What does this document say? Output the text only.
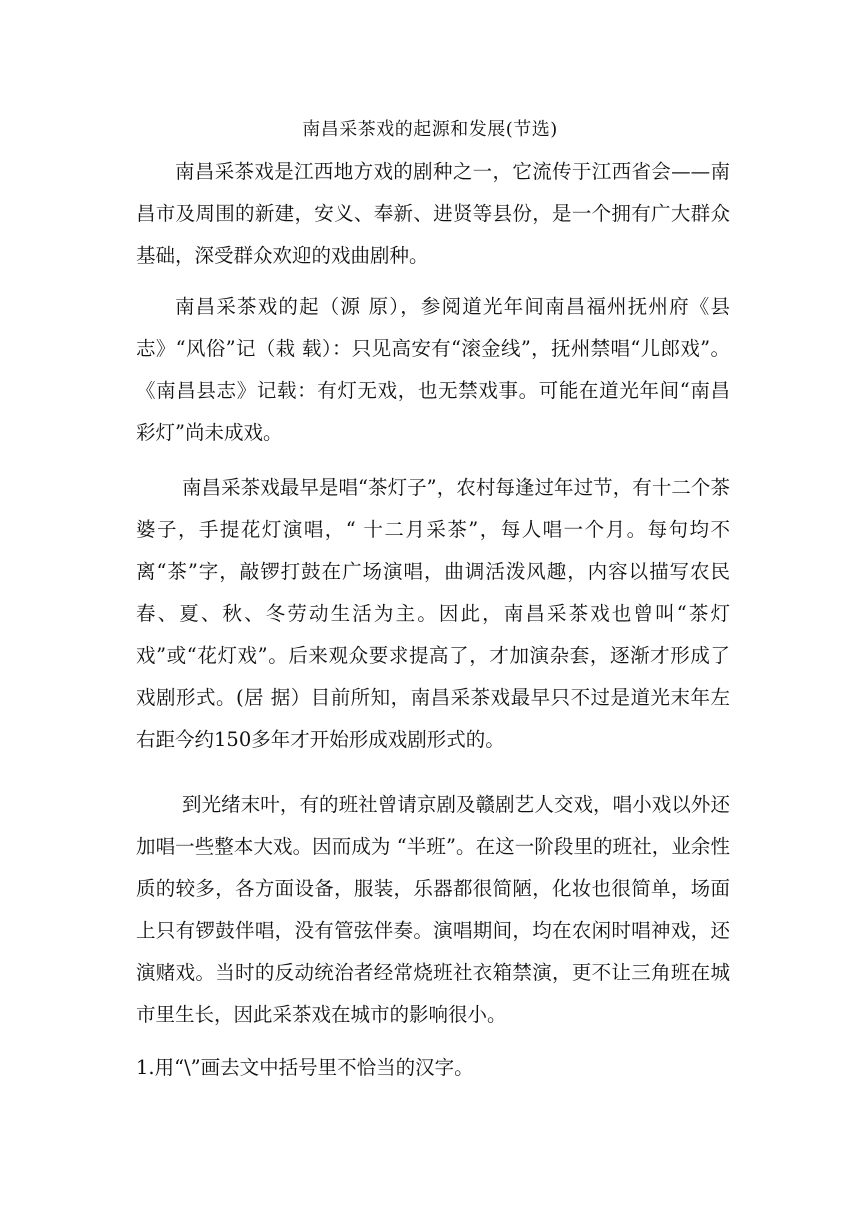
南昌采茶戏的起源和发展(节选)

南昌采茶戏是江西地方戏的剧种之一，它流传于江西省会——南昌市及周围的新建，安义、奉新、进贤等县份，是一个拥有广大群众基础，深受群众欢迎的戏曲剧种。

南昌采茶戏的起（源 原），参阅道光年间南昌福州抚州府《县志》“风俗”记（栽 载）：只见高安有“滚金线”，抚州禁唱“儿郎戏”。《南昌县志》记载：有灯无戏，也无禁戏事。可能在道光年间“南昌彩灯”尚未成戏。

南昌采茶戏最早是唱“茶灯子”，农村每逢过年过节，有十二个茶婆子，手提花灯演唱，“ 十二月采茶”，每人唱一个月。每句均不离“茶”字，敲锣打鼓在广场演唱，曲调活泼风趣，内容以描写农民春、夏、秋、冬劳动生活为主。因此，南昌采茶戏也曾叫“茶灯戏”或“花灯戏”。后来观众要求提高了，才加演杂套，逐渐才形成了戏剧形式。(居 据）目前所知，南昌采茶戏最早只不过是道光末年左右距今约150多年才开始形成戏剧形式的。

到光绪末叶，有的班社曾请京剧及赣剧艺人交戏，唱小戏以外还加唱一些整本大戏。因而成为 “半班”。在这一阶段里的班社，业余性质的较多，各方面设备，服装，乐器都很简陋，化妆也很简单，场面上只有锣鼓伴唱，没有管弦伴奏。演唱期间，均在农闲时唱神戏，还演赌戏。当时的反动统治者经常烧班社衣箱禁演，更不让三角班在城市里生长，因此采茶戏在城市的影响很小。

1.用“\”画去文中括号里不恰当的汉字。
